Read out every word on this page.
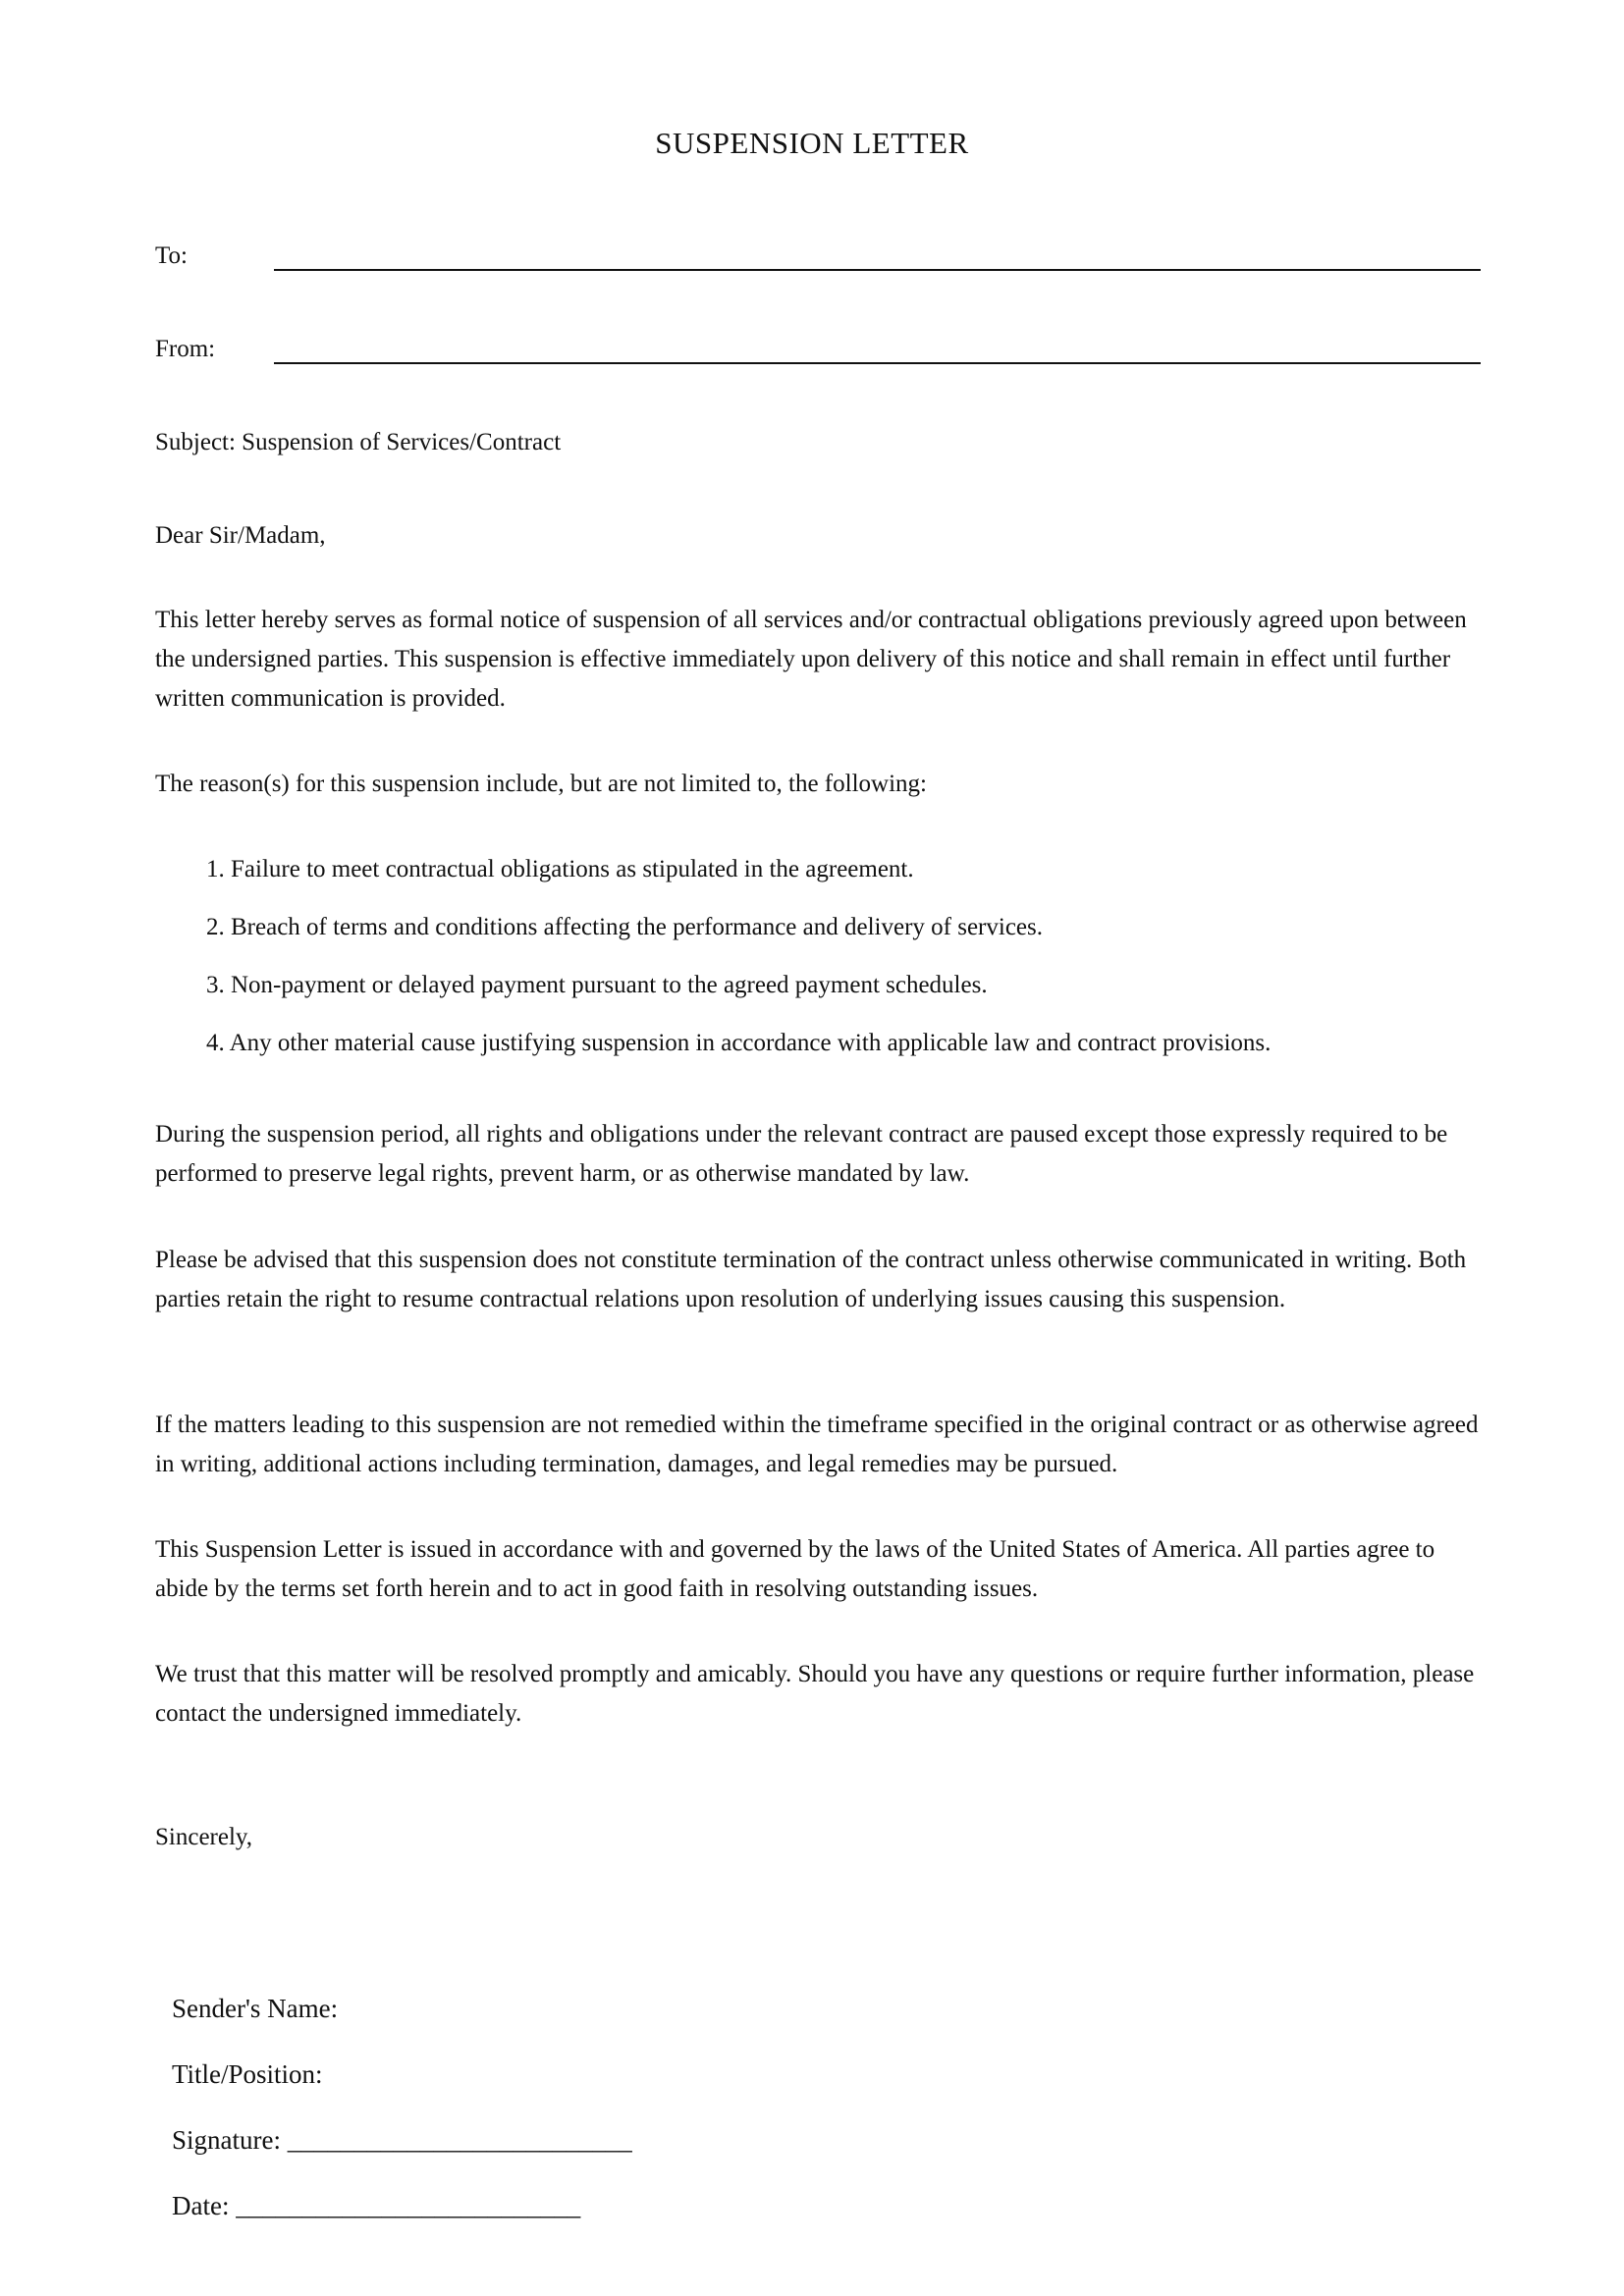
SUSPENSION LETTER
To:
From:

Subject: Suspension of Services/Contract

Dear Sir/Madam,

This letter hereby serves as formal notice of suspension of all services and/or contractual obligations previously agreed upon between the undersigned parties. This suspension is effective immediately upon delivery of this notice and shall remain in effect until further written communication is provided.

The reason(s) for this suspension include, but are not limited to, the following:

1. Failure to meet contractual obligations as stipulated in the agreement.
2. Breach of terms and conditions affecting the performance and delivery of services.
3. Non-payment or delayed payment pursuant to the agreed payment schedules.
4. Any other material cause justifying suspension in accordance with applicable law and contract provisions.

During the suspension period, all rights and obligations under the relevant contract are paused except those expressly required to be performed to preserve legal rights, prevent harm, or as otherwise mandated by law.

Please be advised that this suspension does not constitute termination of the contract unless otherwise communicated in writing. Both parties retain the right to resume contractual relations upon resolution of underlying issues causing this suspension.

If the matters leading to this suspension are not remedied within the timeframe specified in the original contract or as otherwise agreed in writing, additional actions including termination, damages, and legal remedies may be pursued.

This Suspension Letter is issued in accordance with and governed by the laws of the United States of America. All parties agree to abide by the terms set forth herein and to act in good faith in resolving outstanding issues.

We trust that this matter will be resolved promptly and amicably. Should you have any questions or require further information, please contact the undersigned immediately.

Sincerely,

Sender's Name:
Title/Position:
Signature: __________________________
Date: __________________________
